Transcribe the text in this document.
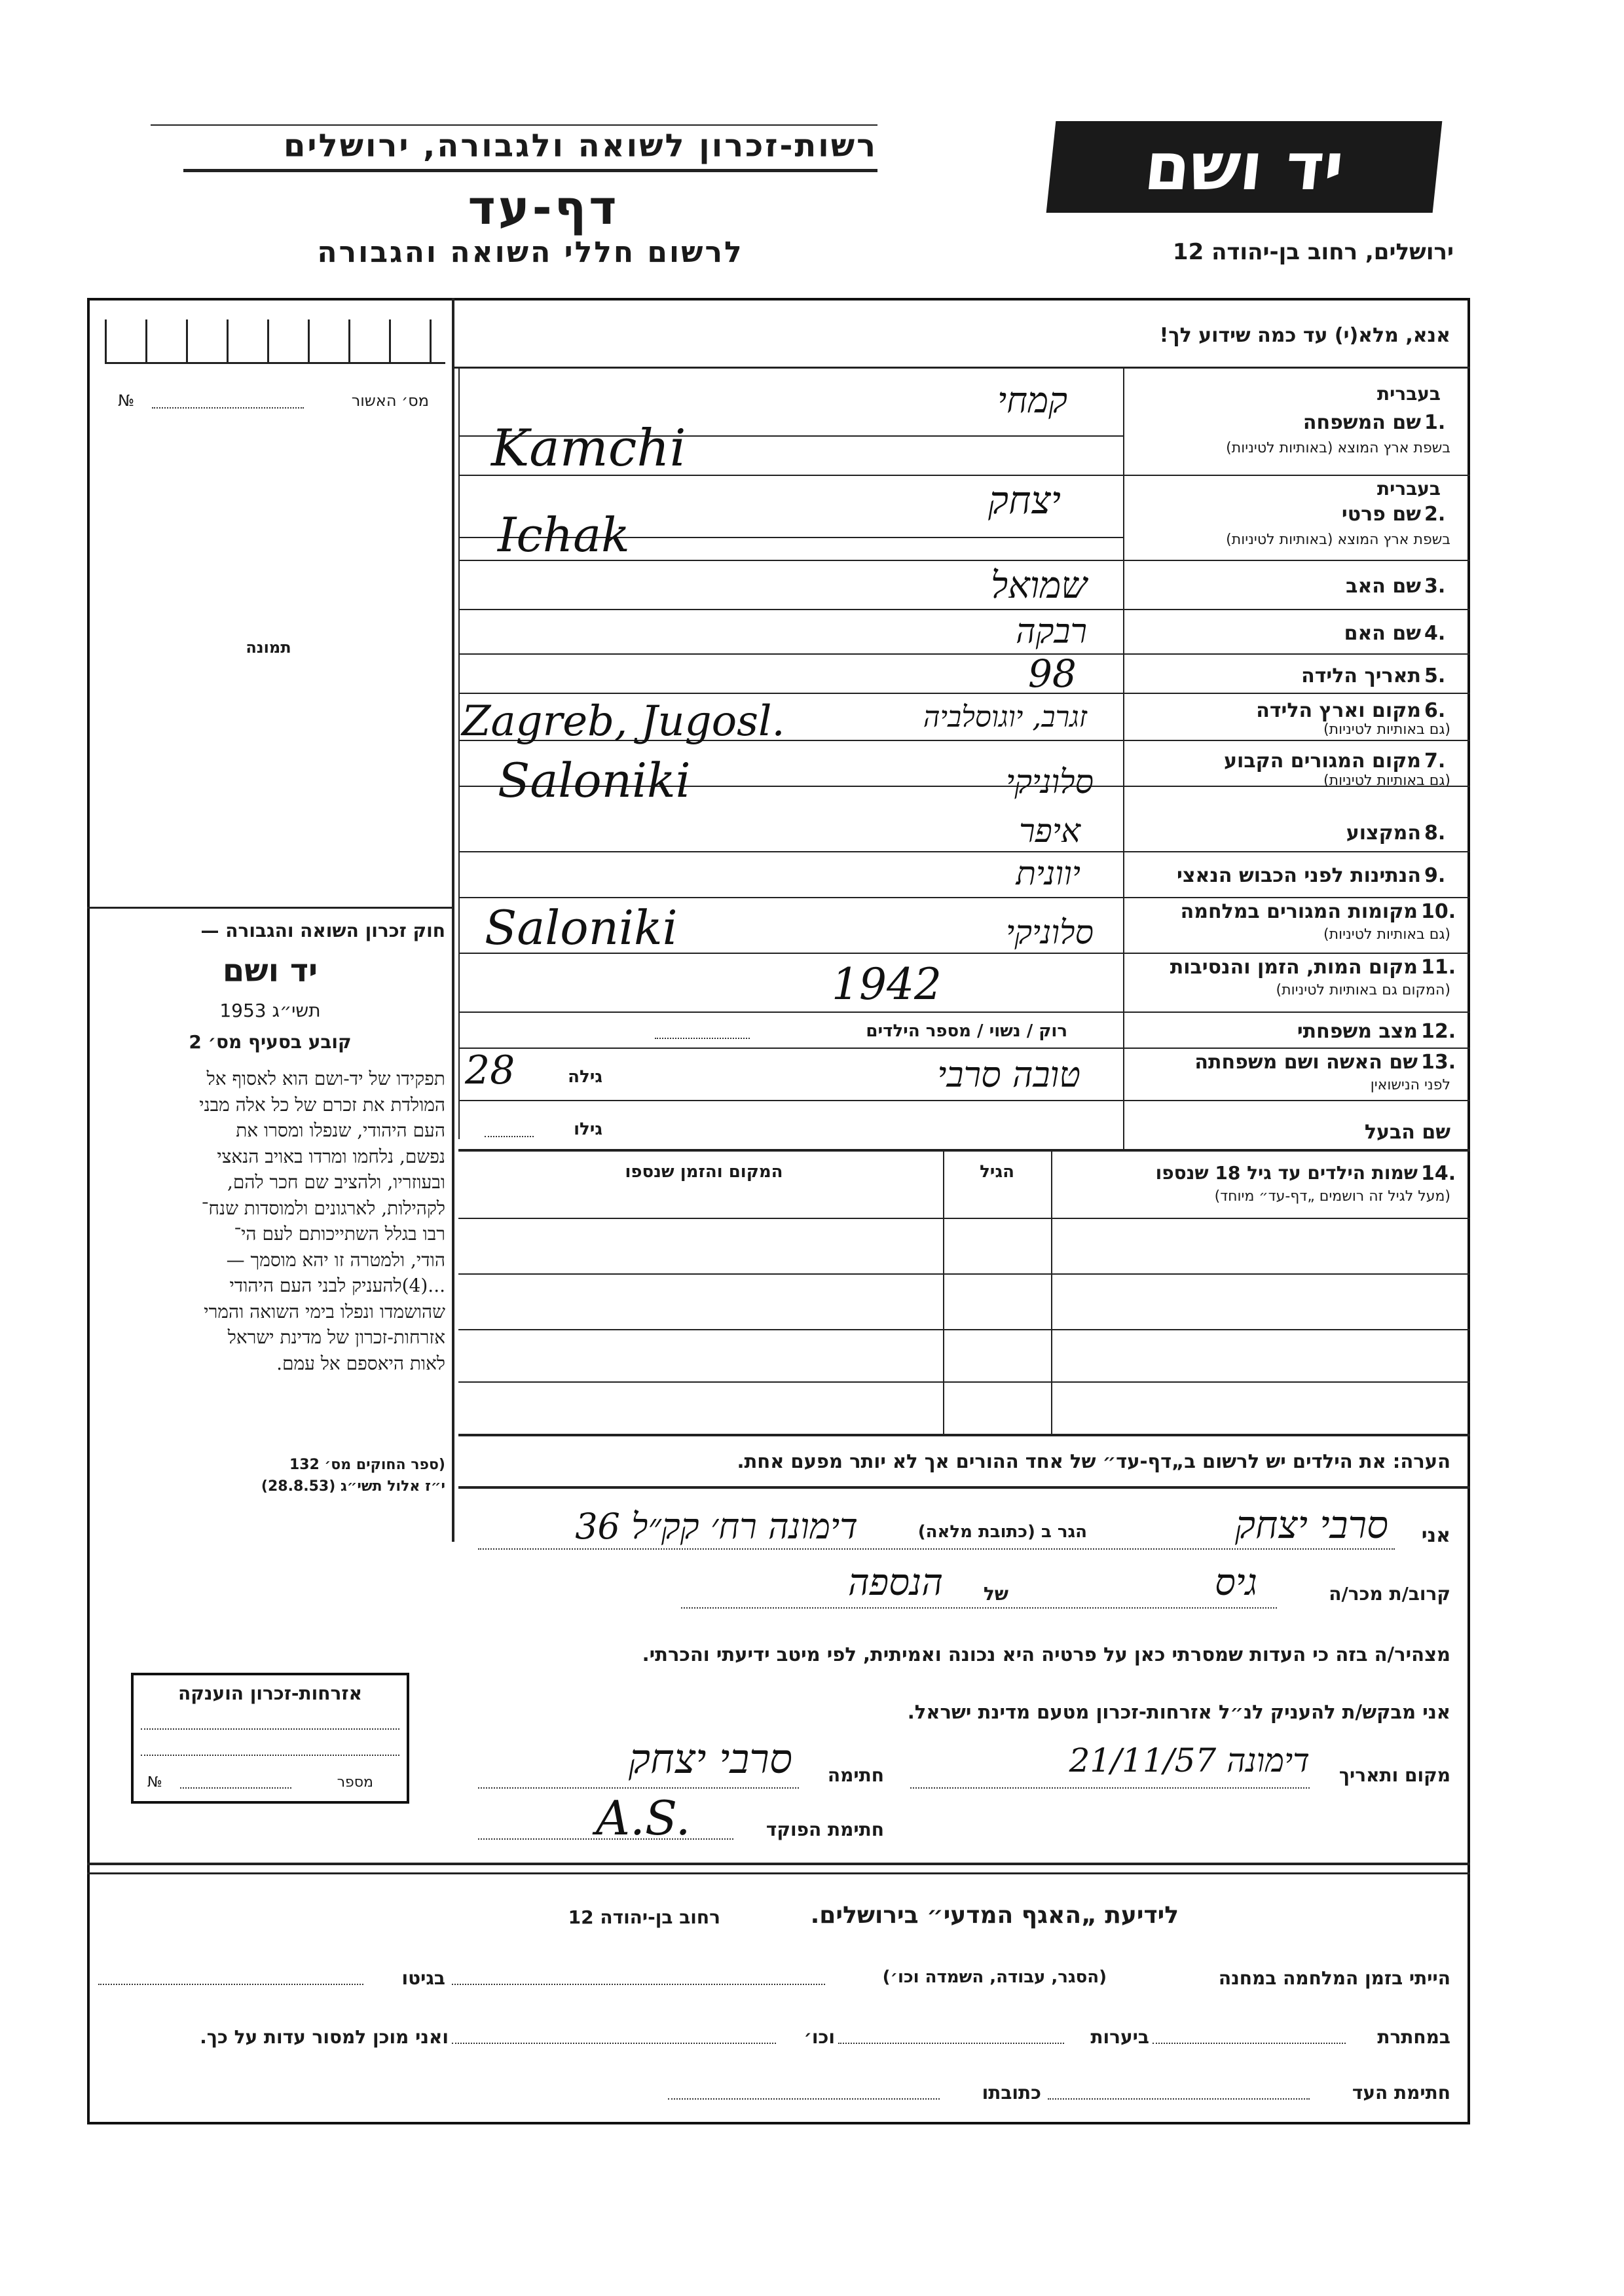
יד ושם
רשות-זכרון לשואה ולגבורה, ירושלים
דף-עד
לרשום חללי השואה והגבורה	ירושלים, רחוב בן-יהודה 12
אנא, מלא(י) עד כמה שידוע לך!
מס׳ האשור
№
תמונה
חוק זכרון השואה והגבורה —
יד ושם
תשי״ג 1953
קובע בסעיף מס׳ 2
תפקידו של יד-ושם הוא לאסוף אל
המולדת את זכרם של כל אלה מבני
העם היהודי, שנפלו ומסרו את
נפשם, נלחמו ומרדו באויב הנאצי
ובעוזריו, ולהציב שם חכר להם,
לקהילות, לארגונים ולמוסדות שנח־
רבו בגלל השתייכותם לעם הי־
הודי, ולמטרה זו יהא מוסמך —
...(4)להעניק לבני העם היהודי
שהושמדו ונפלו בימי השואה והמרי
אזרחות-זכרון של מדינת ישראל
לאות היאספם אל עמם.
(ספר החוקים מס׳ 132
י״ז אלול תשי״ג (28.8.53)
1.
שם המשפחה
בעברית
בשפת ארץ המוצא (באותיות לטיניות)
קמחי
Kamchi
2.
שם פרטי
בעברית
בשפת ארץ המוצא (באותיות לטיניות)
יצחק
Ichak
3.
שם האב
שמואל
4.
שם האם
רבקה
5.
תאריך הלידה
98
6.
מקום וארץ הלידה
(גם באותיות לטיניות)
זגרב, יוגוסלביה
Zagreb, Jugosl.
7.
מקום המגורים הקבוע
(גם באותיות לטיניות)
סלוניקי
Saloniki
8.
המקצוע
איפר
9.
הנתינות לפני הכבוש הנאצי
יוונית
10.
מקומות המגורים במלחמה
(גם באותיות לטיניות)
סלוניקי
Saloniki
11.
מקום המות, הזמן והנסיבות
(המקום גם באותיות לטיניות)
1942
12.
מצב משפחתי
רוק / נשוי / מספר הילדים
13.
שם האשה ושם משפחתה
לפני הנישואין
טובה סרבי
גילה
28
שם הבעל
גילו
14.
שמות הילדים עד גיל 18 שנספו
(מעל לגיל זה רושמים „דף-עד״ מיוחד)
הגיל
המקום והזמן שנספו
הערה: את הילדים יש לרשום ב„דף-עד״ של אחד ההורים אך לא יותר מפעם אחת.
אני
סרבי יצחק
הגר ב (כתובת מלאה)
דימונה רח׳ קק״ל 36
קרוב/ת מכר/ה
גיס
של
הנספה
מצהיר/ה בזה כי העדות שמסרתי כאן על פרטיה היא נכונה ואמיתית, לפי מיטב ידיעתי והכרתי.
אני מבקש/ת להעניק לנ״ל אזרחות-זכרון מטעם מדינת ישראל.
מקום ותאריך
דימונה 21/11/57
חתימה
סרבי יצחק
חתימת הפוקד
A.S.
אזרחות-זכרון הוענקה
מספר
№
לידיעת „האגף המדעי״ בירושלים.
רחוב בן-יהודה 12
הייתי בזמן המלחמה במחנה
(הסגר, עבודה, השמדה וכו׳)
בגיטו
במחתרת
ביערות
וכו׳
ואני מוכן למסור עדות על כך.
חתימת העד
כתובתו
